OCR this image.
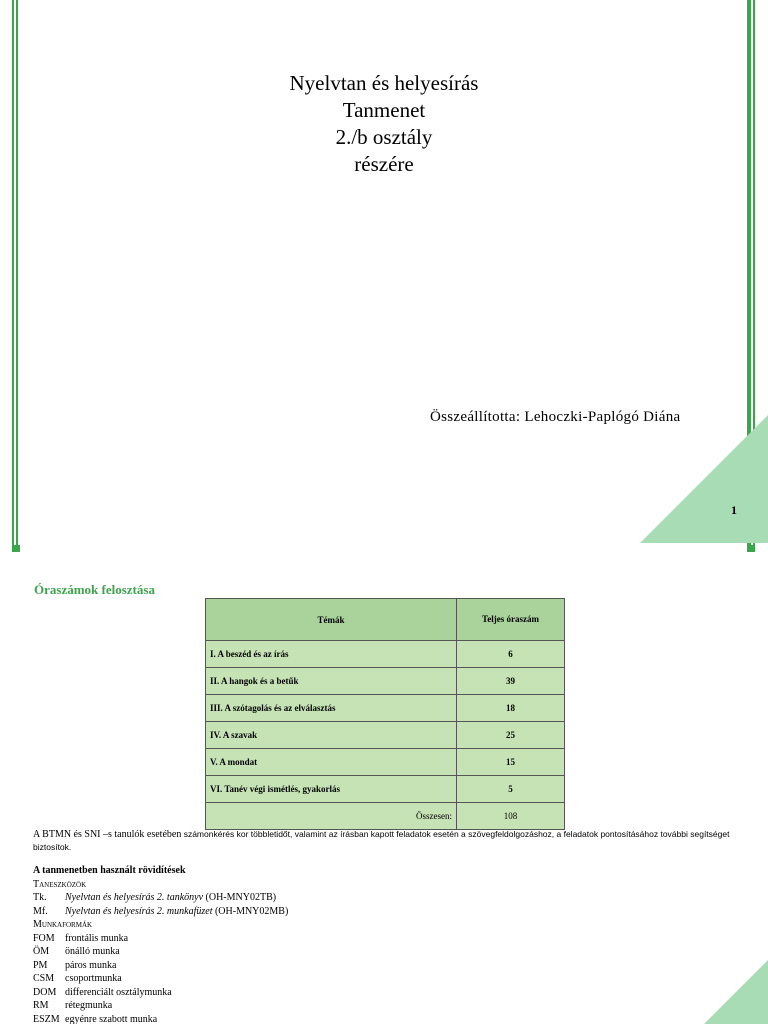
Nyelvtan és helyesírás
Tanmenet
2./b osztály
részére
Összeállította: Lehoczki-Paplógó Diána
1
Óraszámok felosztása
Témák	Teljes óraszám
I. A beszéd és az írás	6
II. A hangok és a betűk	39
III. A szótagolás és az elválasztás	18
IV. A szavak	25
V. A mondat	15
VI. Tanév végi ismétlés, gyakorlás	5
Összesen:	108
A BTMN és SNI –s tanulók esetében számonkérés kor többletidőt, valamint az írásban kapott feladatok esetén a szövegfeldolgozáshoz, a feladatok pontosításához további segítséget biztosítok.
A tanmenetben használt rövidítések
Taneszközök
Tk. Nyelvtan és helyesírás 2. tankönyv (OH-MNY02TB)
Mf. Nyelvtan és helyesírás 2. munkafüzet (OH-MNY02MB)
Munkaformák
FOM frontális munka
ÖM önálló munka
PM páros munka
CSM csoportmunka
DOM differenciált osztálymunka
RM rétegmunka
ESZM egyénre szabott munka
